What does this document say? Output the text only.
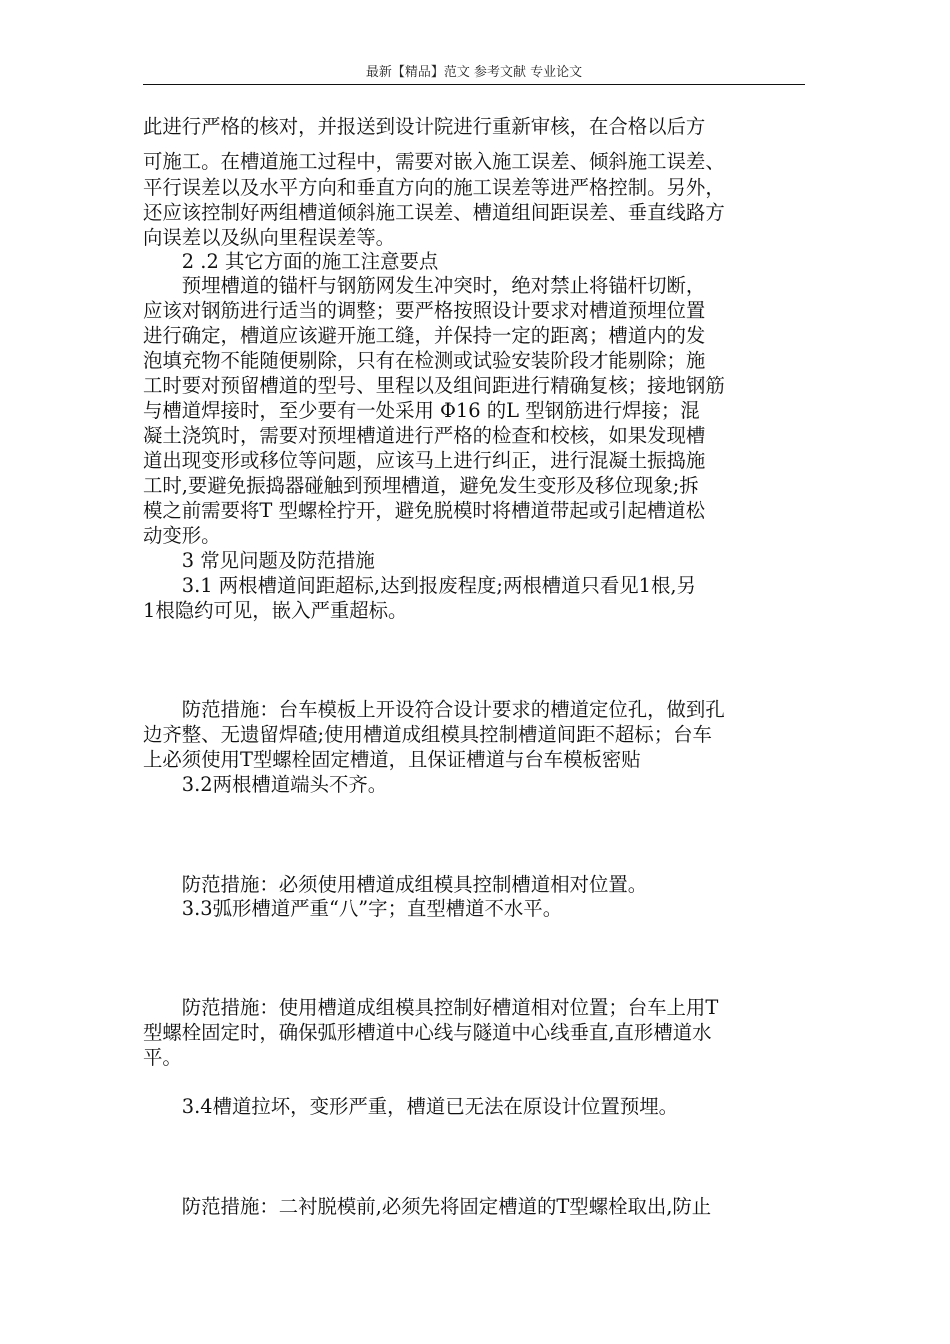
最新【精品】范文 参考文献 专业论文
此进行严格的核对，并报送到设计院进行重新审核，在合格以后方
可施工。在槽道施工过程中，需要对嵌入施工误差、倾斜施工误差、
平行误差以及水平方向和垂直方向的施工误差等进严格控制。另外，
还应该控制好两组槽道倾斜施工误差、槽道组间距误差、垂直线路方
向误差以及纵向里程误差等。
　　2 .2 其它方面的施工注意要点
　　预埋槽道的锚杆与钢筋网发生冲突时，绝对禁止将锚杆切断，
应该对钢筋进行适当的调整；要严格按照设计要求对槽道预埋位置
进行确定，槽道应该避开施工缝，并保持一定的距离；槽道内的发
泡填充物不能随便剔除，只有在检测或试验安装阶段才能剔除；施
工时要对预留槽道的型号、里程以及组间距进行精确复核；接地钢筋
与槽道焊接时，至少要有一处采用 Φ16 的L 型钢筋进行焊接；混
凝土浇筑时，需要对预埋槽道进行严格的检查和校核，如果发现槽
道出现变形或移位等问题，应该马上进行纠正，进行混凝土振捣施
工时,要避免振捣器碰触到预埋槽道，避免发生变形及移位现象;拆
模之前需要将T 型螺栓拧开，避免脱模时将槽道带起或引起槽道松
动变形。
　　3 常见问题及防范措施
　　3.1 两根槽道间距超标,达到报废程度;两根槽道只看见1根,另
1根隐约可见，嵌入严重超标。
　　防范措施：台车模板上开设符合设计要求的槽道定位孔，做到孔
边齐整、无遗留焊碴;使用槽道成组模具控制槽道间距不超标；台车
上必须使用T型螺栓固定槽道，且保证槽道与台车模板密贴
　　3.2两根槽道端头不齐。
　　防范措施：必须使用槽道成组模具控制槽道相对位置。
　　3.3弧形槽道严重“八”字；直型槽道不水平。
　　防范措施：使用槽道成组模具控制好槽道相对位置；台车上用T
型螺栓固定时，确保弧形槽道中心线与隧道中心线垂直,直形槽道水
平。
　　3.4槽道拉坏，变形严重，槽道已无法在原设计位置预埋。
　　防范措施：二衬脱模前,必须先将固定槽道的T型螺栓取出,防止
